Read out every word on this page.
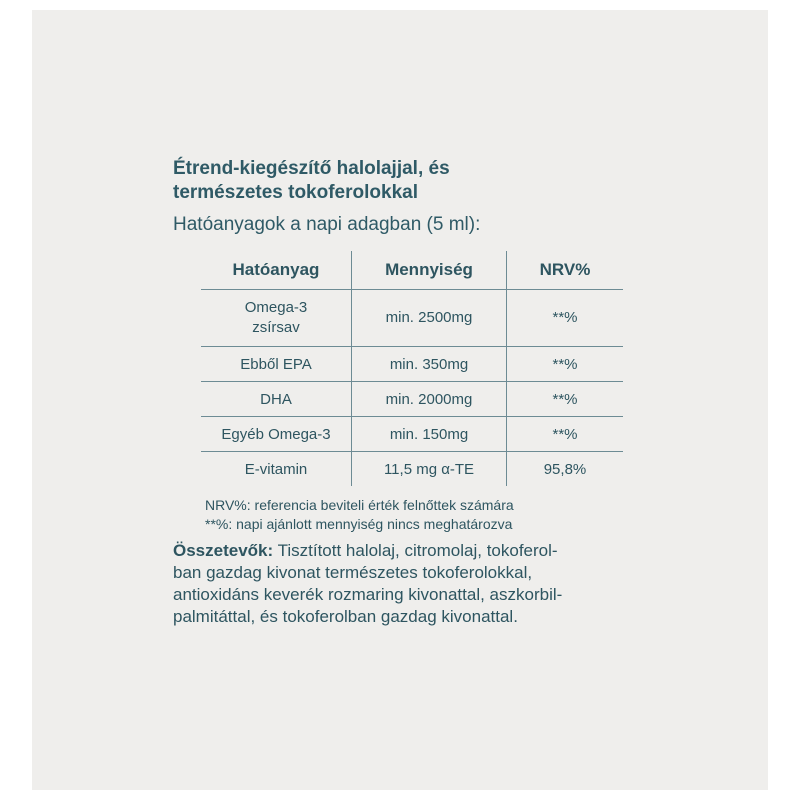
Étrend-kiegészítő halolajjal, és
természetes tokoferolokkal
Hatóanyagok a napi adagban (5 ml):
Hatóanyag	Mennyiség	NRV%

Omega-3
zsírsav	min. 2500mg	**%
Ebből EPA	min. 350mg	**%
DHA	min. 2000mg	**%
Egyéb Omega-3	min. 150mg	**%
E-vitamin	11,5 mg α-TE	95,8%
NRV%: referencia beviteli érték felnőttek számára
**%: napi ajánlott mennyiség nincs meghatározva
Összetevők: Tisztított halolaj, citromolaj, tokoferol-
ban gazdag kivonat természetes tokoferolokkal,
antioxidáns keverék rozmaring kivonattal, aszkorbil-
palmitáttal, és tokoferolban gazdag kivonattal.
